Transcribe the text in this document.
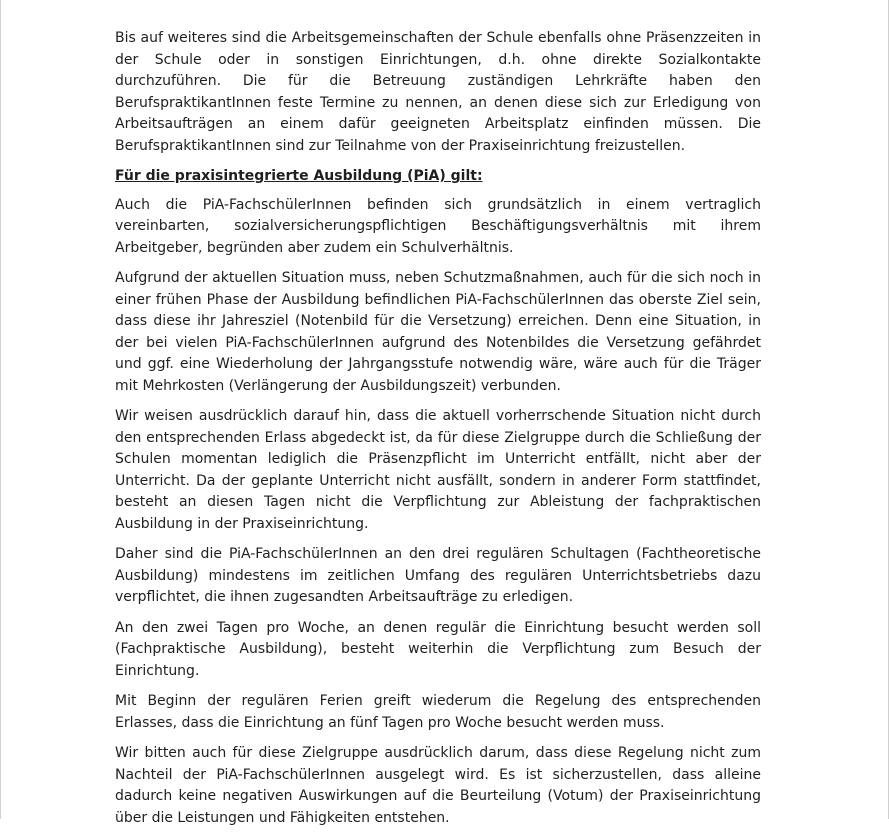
Bis auf weiteres sind die Arbeitsgemeinschaften der Schule ebenfalls ohne Präsenzzeiten in der Schule oder in sonstigen Einrichtungen, d.h. ohne direkte Sozialkontakte durchzuführen. Die für die Betreuung zuständigen Lehrkräfte haben den BerufspraktikantInnen feste Termine zu nennen, an denen diese sich zur Erledigung von Arbeitsaufträgen an einem dafür geeigneten Arbeitsplatz einfinden müssen. Die BerufspraktikantInnen sind zur Teilnahme von der Praxiseinrichtung freizustellen.

Für die praxisintegrierte Ausbildung (PiA) gilt:

Auch die PiA-FachschülerInnen befinden sich grundsätzlich in einem vertraglich vereinbarten, sozialversicherungspflichtigen Beschäftigungsverhältnis mit ihrem Arbeitgeber, begründen aber zudem ein Schulverhältnis.

Aufgrund der aktuellen Situation muss, neben Schutzmaßnahmen, auch für die sich noch in einer frühen Phase der Ausbildung befindlichen PiA-FachschülerInnen das oberste Ziel sein, dass diese ihr Jahresziel (Notenbild für die Versetzung) erreichen. Denn eine Situation, in der bei vielen PiA-FachschülerInnen aufgrund des Notenbildes die Versetzung gefährdet und ggf. eine Wiederholung der Jahrgangsstufe notwendig wäre, wäre auch für die Träger mit Mehrkosten (Verlängerung der Ausbildungszeit) verbunden.

Wir weisen ausdrücklich darauf hin, dass die aktuell vorherrschende Situation nicht durch den entsprechenden Erlass abgedeckt ist, da für diese Zielgruppe durch die Schließung der Schulen momentan lediglich die Präsenzpflicht im Unterricht entfällt, nicht aber der Unterricht. Da der geplante Unterricht nicht ausfällt, sondern in anderer Form stattfindet, besteht an diesen Tagen nicht die Verpflichtung zur Ableistung der fachpraktischen Ausbildung in der Praxiseinrichtung.

Daher sind die PiA-FachschülerInnen an den drei regulären Schultagen (Fachtheoretische Ausbildung) mindestens im zeitlichen Umfang des regulären Unterrichtsbetriebs dazu verpflichtet, die ihnen zugesandten Arbeitsaufträge zu erledigen.

An den zwei Tagen pro Woche, an denen regulär die Einrichtung besucht werden soll (Fachpraktische Ausbildung), besteht weiterhin die Verpflichtung zum Besuch der Einrichtung.

Mit Beginn der regulären Ferien greift wiederum die Regelung des entsprechenden Erlasses, dass die Einrichtung an fünf Tagen pro Woche besucht werden muss.

Wir bitten auch für diese Zielgruppe ausdrücklich darum, dass diese Regelung nicht zum Nachteil der PiA-FachschülerInnen ausgelegt wird. Es ist sicherzustellen, dass alleine dadurch keine negativen Auswirkungen auf die Beurteilung (Votum) der Praxiseinrichtung über die Leistungen und Fähigkeiten entstehen.
